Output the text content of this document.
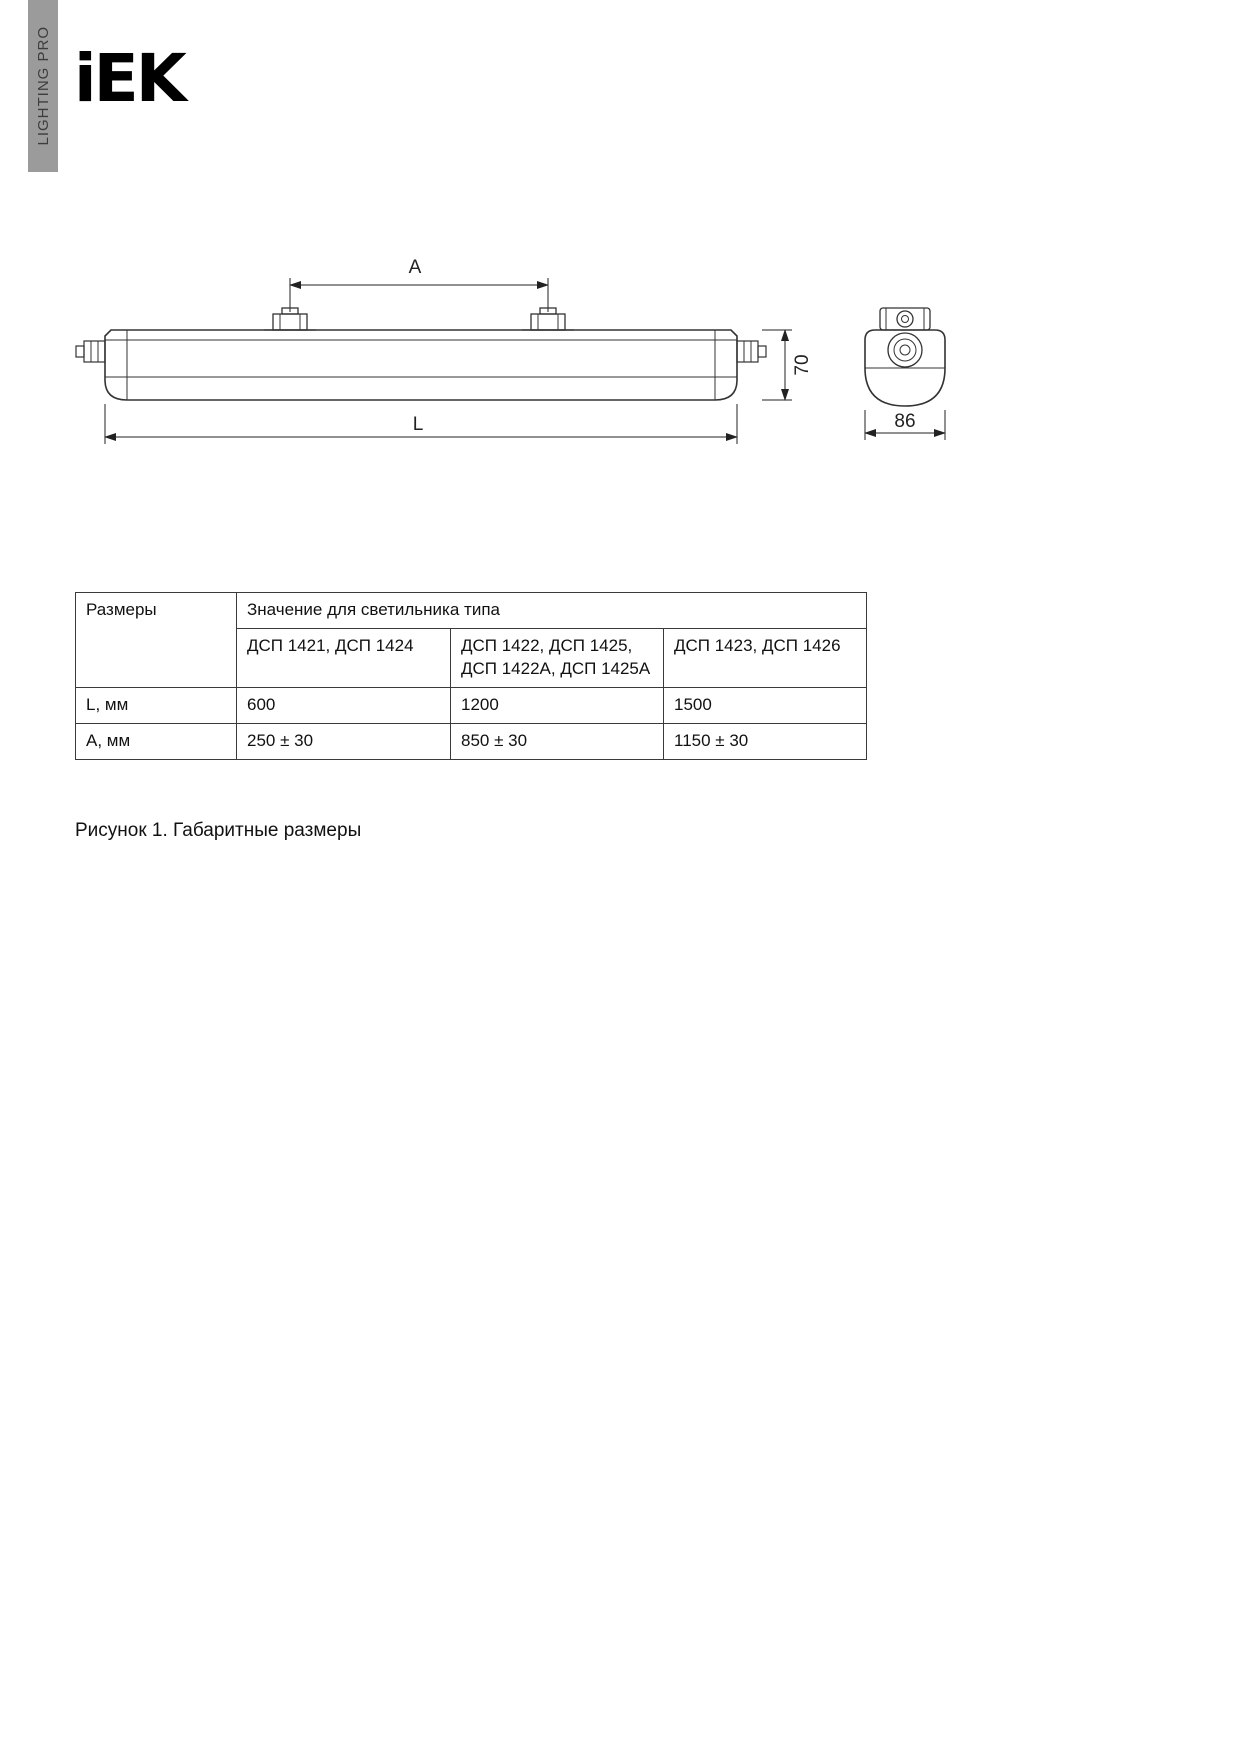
LIGHTING PRO iEK
A
70
L	86
Размеры	Значение для светильника типа		
	ДСП 1421, ДСП 1424	ДСП 1422, ДСП 1425, ДСП 1422А, ДСП 1425А	ДСП 1423, ДСП 1426
L, мм	600	1200	1500
А, мм	250 ± 30	850 ± 30	1150 ± 30
Рисунок 1. Габаритные размеры
